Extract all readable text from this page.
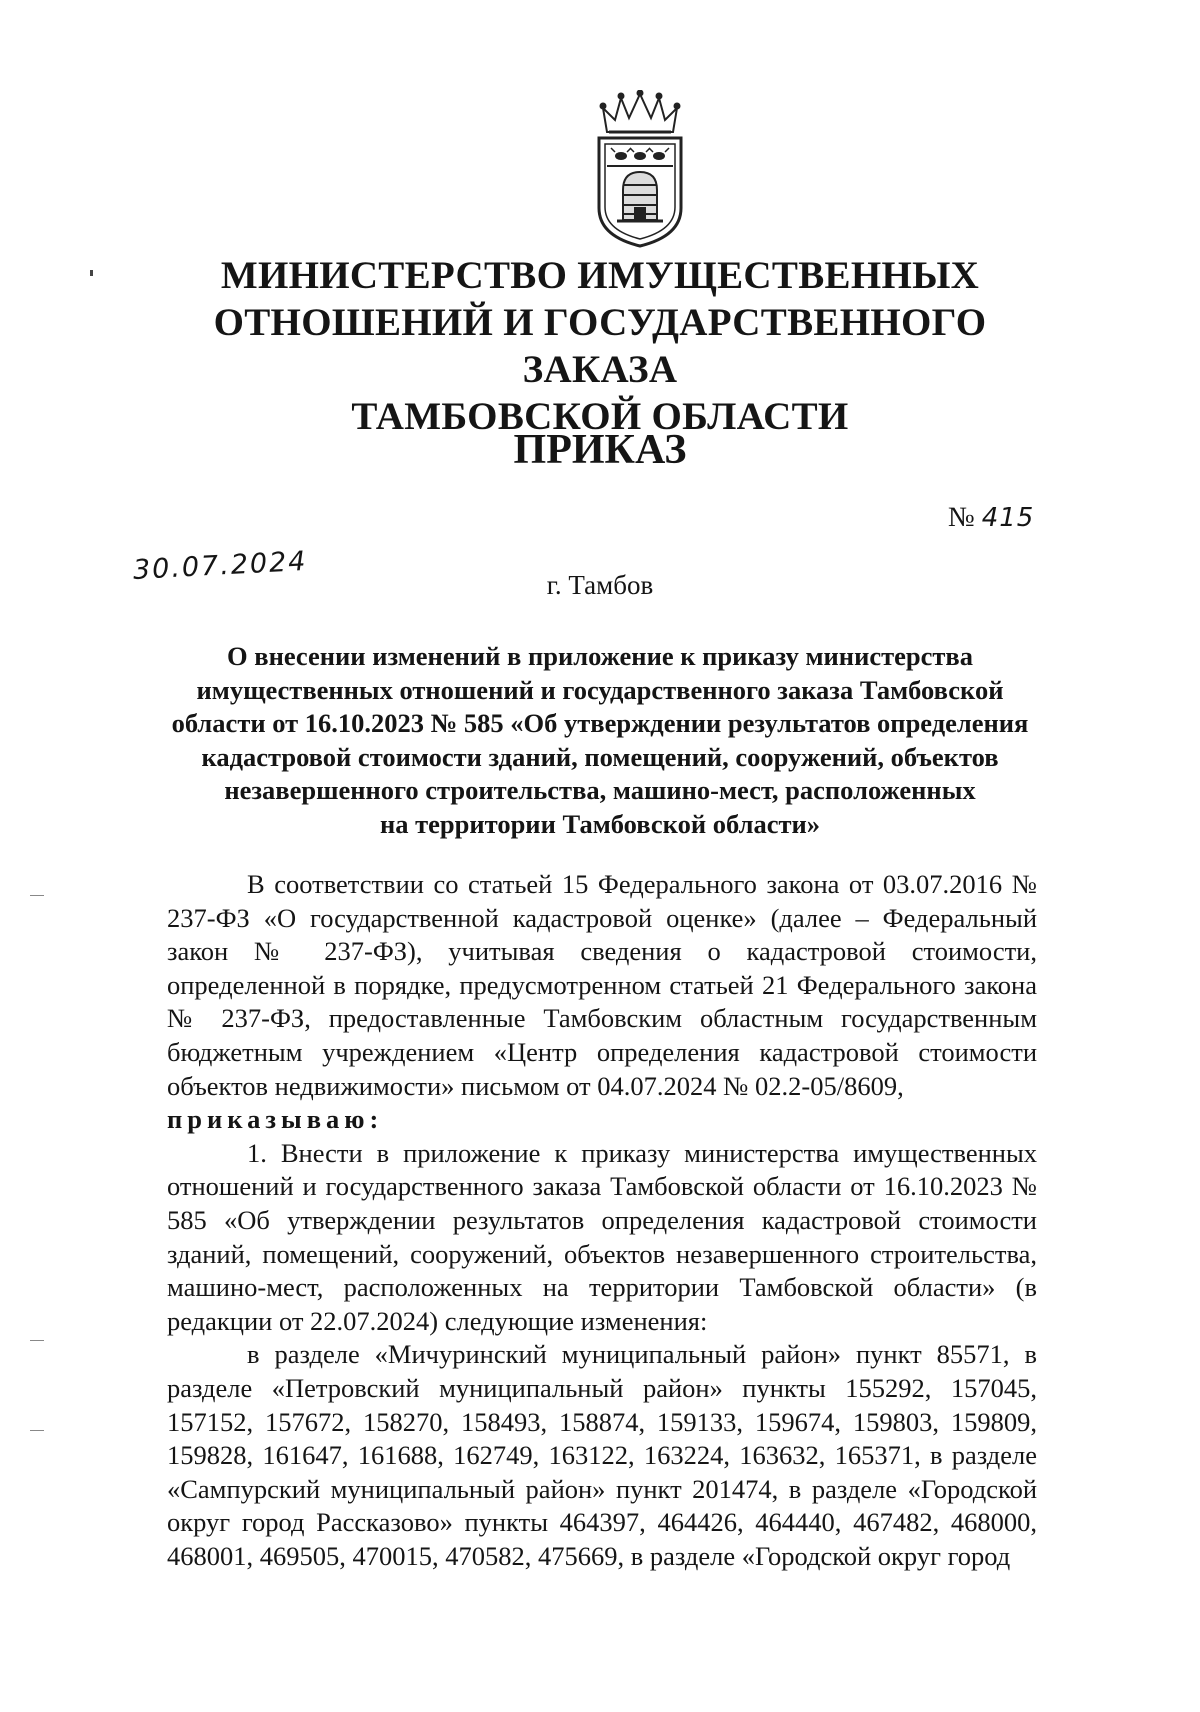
МИНИСТЕРСТВО ИМУЩЕСТВЕННЫХ
ОТНОШЕНИЙ И ГОСУДАРСТВЕННОГО ЗАКАЗА
ТАМБОВСКОЙ ОБЛАСТИ
ПРИКАЗ
№ 415
30.07.2024	г. Тамбов
О внесении изменений в приложение к приказу министерства
имущественных отношений и государственного заказа Тамбовской
области от 16.10.2023 № 585 «Об утверждении результатов определения
кадастровой стоимости зданий, помещений, сооружений, объектов
незавершенного строительства, машино-мест, расположенных
на территории Тамбовской области»

В соответствии со статьей 15 Федерального закона от 03.07.2016 № 237-ФЗ «О государственной кадастровой оценке» (далее – Федеральный закон № 237-ФЗ), учитывая сведения о кадастровой стоимости, определенной в порядке, предусмотренном статьей 21 Федерального закона № 237-ФЗ, предоставленные Тамбовским областным государственным бюджетным учреждением «Центр определения кадастровой стоимости объектов недвижимости» письмом от 04.07.2024 № 02.2-05/8609,

приказываю:

1. Внести в приложение к приказу министерства имущественных отношений и государственного заказа Тамбовской области от 16.10.2023 № 585 «Об утверждении результатов определения кадастровой стоимости зданий, помещений, сооружений, объектов незавершенного строительства, машино-мест, расположенных на территории Тамбовской области» (в редакции от 22.07.2024) следующие изменения:

в разделе «Мичуринский муниципальный район» пункт 85571, в разделе «Петровский муниципальный район» пункты 155292, 157045, 157152, 157672, 158270, 158493, 158874, 159133, 159674, 159803, 159809, 159828, 161647, 161688, 162749, 163122, 163224, 163632, 165371, в разделе «Сампурский муниципальный район» пункт 201474, в разделе «Городской округ город Рассказово» пункты 464397, 464426, 464440, 467482, 468000, 468001, 469505, 470015, 470582, 475669, в разделе «Городской округ город
